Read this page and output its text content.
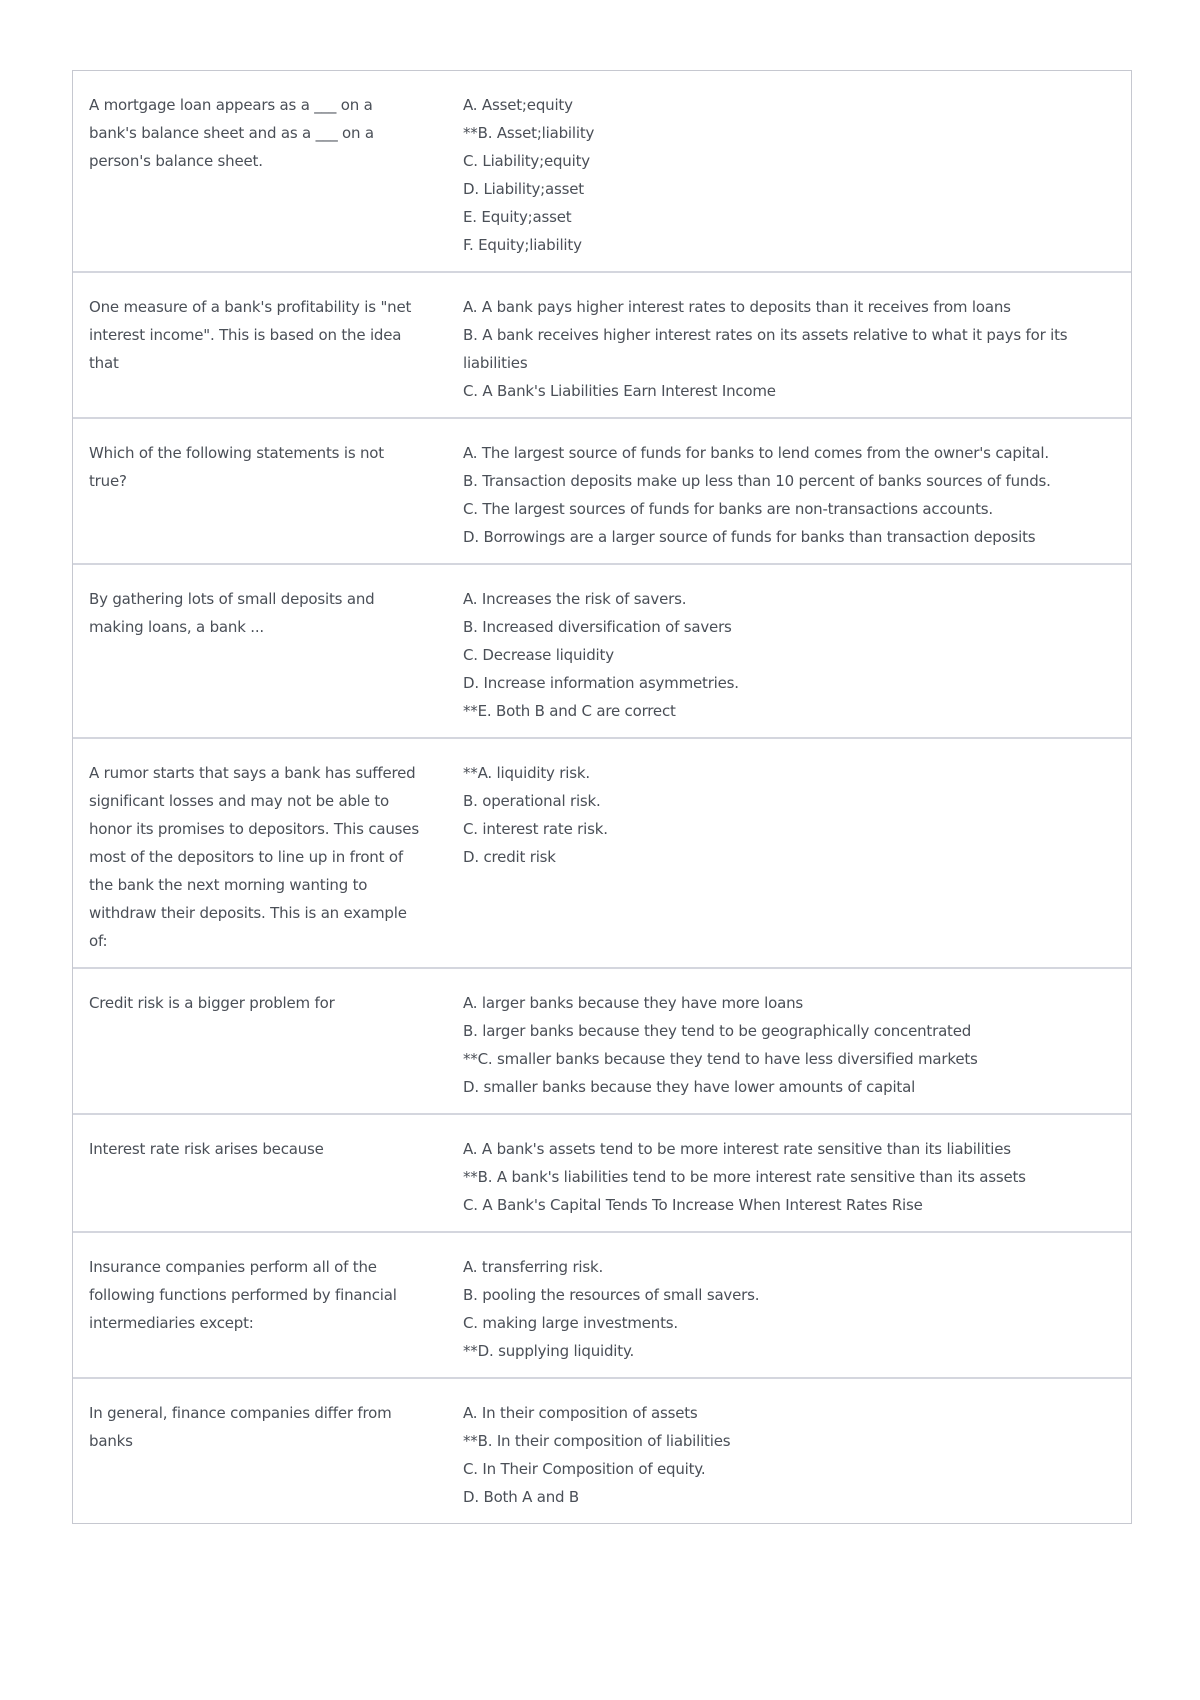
A mortgage loan appears as a ___ on a bank's balance sheet and as a ___ on a person's balance sheet.
A. Asset;equity
**B. Asset;liability
C. Liability;equity
D. Liability;asset
E. Equity;asset
F. Equity;liability
One measure of a bank's profitability is "net interest income". This is based on the idea that
A. A bank pays higher interest rates to deposits than it receives from loans
B. A bank receives higher interest rates on its assets relative to what it pays for its liabilities
C. A Bank's Liabilities Earn Interest Income
Which of the following statements is not true?
A. The largest source of funds for banks to lend comes from the owner's capital.
B. Transaction deposits make up less than 10 percent of banks sources of funds.
C. The largest sources of funds for banks are non-transactions accounts.
D. Borrowings are a larger source of funds for banks than transaction deposits
By gathering lots of small deposits and making loans, a bank ...
A. Increases the risk of savers.
B. Increased diversification of savers
C. Decrease liquidity
D. Increase information asymmetries.
**E. Both B and C are correct
A rumor starts that says a bank has suffered significant losses and may not be able to honor its promises to depositors. This causes most of the depositors to line up in front of the bank the next morning wanting to withdraw their deposits. This is an example of:
**A. liquidity risk.
B. operational risk.
C. interest rate risk.
D. credit risk
Credit risk is a bigger problem for	A. larger banks because they have more loans
B. larger banks because they tend to be geographically concentrated
**C. smaller banks because they tend to have less diversified markets
D. smaller banks because they have lower amounts of capital
Interest rate risk arises because	A. A bank's assets tend to be more interest rate sensitive than its liabilities
**B. A bank's liabilities tend to be more interest rate sensitive than its assets
C. A Bank's Capital Tends To Increase When Interest Rates Rise
Insurance companies perform all of the following functions performed by financial intermediaries except:
A. transferring risk.
B. pooling the resources of small savers.
C. making large investments.
**D. supplying liquidity.
In general, finance companies differ from banks
A. In their composition of assets
**B. In their composition of liabilities
C. In Their Composition of equity.
D. Both A and B
